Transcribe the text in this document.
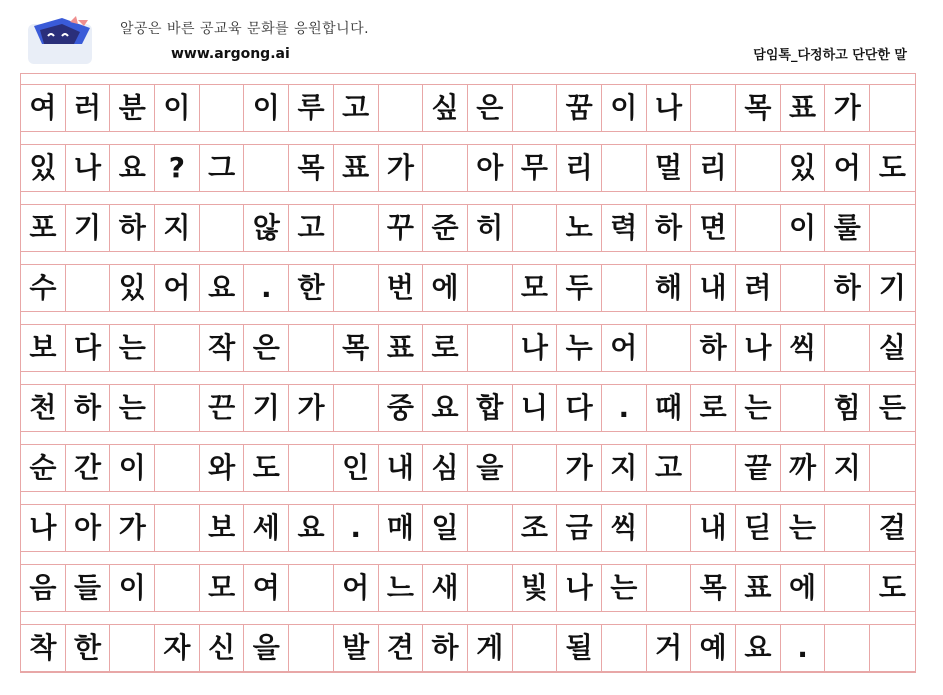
알공은 바른 공교육 문화를 응원합니다.
www.argong.ai	담임톡_다정하고 단단한 말
여 러 분 이	이 루 고	싶 은	꿈 이 나	목 표 가
있 나 요 ? 그	목 표 가	아 무 리	멀 리	있 어 도
포 기 하 지	않 고	꾸 준 히	노 력 하 면	이 룰
수	있 어 요 . 한	번 에	모 두	해 내 려	하 기
보 다 는	작 은	목 표 로	나 누 어	하 나 씩	실
천 하 는	끈 기 가	중 요 합 니 다 . 때 로 는	힘 든
순 간 이	와 도	인 내 심 을	가 지 고	끝 까 지
나 아 가	보 세 요 . 매 일	조 금 씩	내 딛 는	걸
음 들 이	모 여	어 느 새	빛 나 는	목 표 에	도
착 한	자 신 을	발 견 하 게	될	거 예 요 .
